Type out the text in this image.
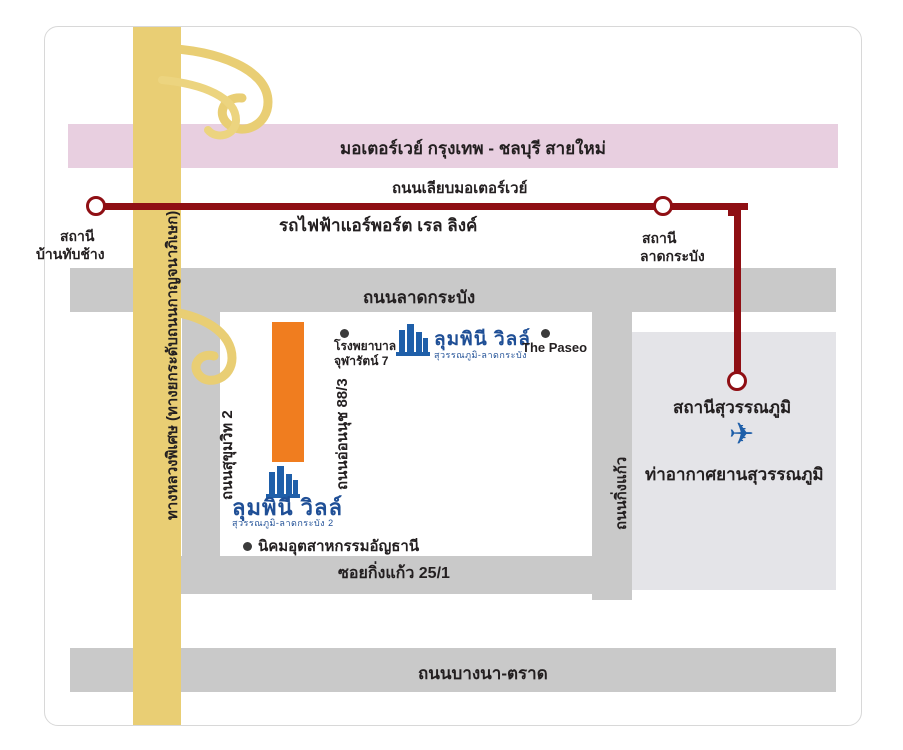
มอเตอร์เวย์ กรุงเทพ - ชลบุรี สายใหม่
ถนนเลียบมอเตอร์เวย์
รถไฟฟ้าแอร์พอร์ต เรล ลิงค์
สถานี
บ้านทับช้าง
สถานี
ลาดกระบัง
ถนนลาดกระบัง
ถนนบางนา-ตราด
ซอยกิ่งแก้ว 25/1
สถานีสุวรรณภูมิ
ท่าอากาศยานสุวรรณภูมิ
✈
ทางหลวงพิเศษ (ทางยกระดับถนนกาญจนาภิเษก)	ถนนอ่อนนุช 88/3
ถนนสุขุมวิท 2	ถนนกิ่งแก้ว
ลุมพินี วิลล์
สุวรรณภูมิ-ลาดกระบัง
ลุมพินี วิลล์
สุวรรณภูมิ-ลาดกระบัง 2
โรงพยาบาล
จุฬารัตน์ 7
The Paseo
นิคมอุตสาหกรรมอัญธานี
